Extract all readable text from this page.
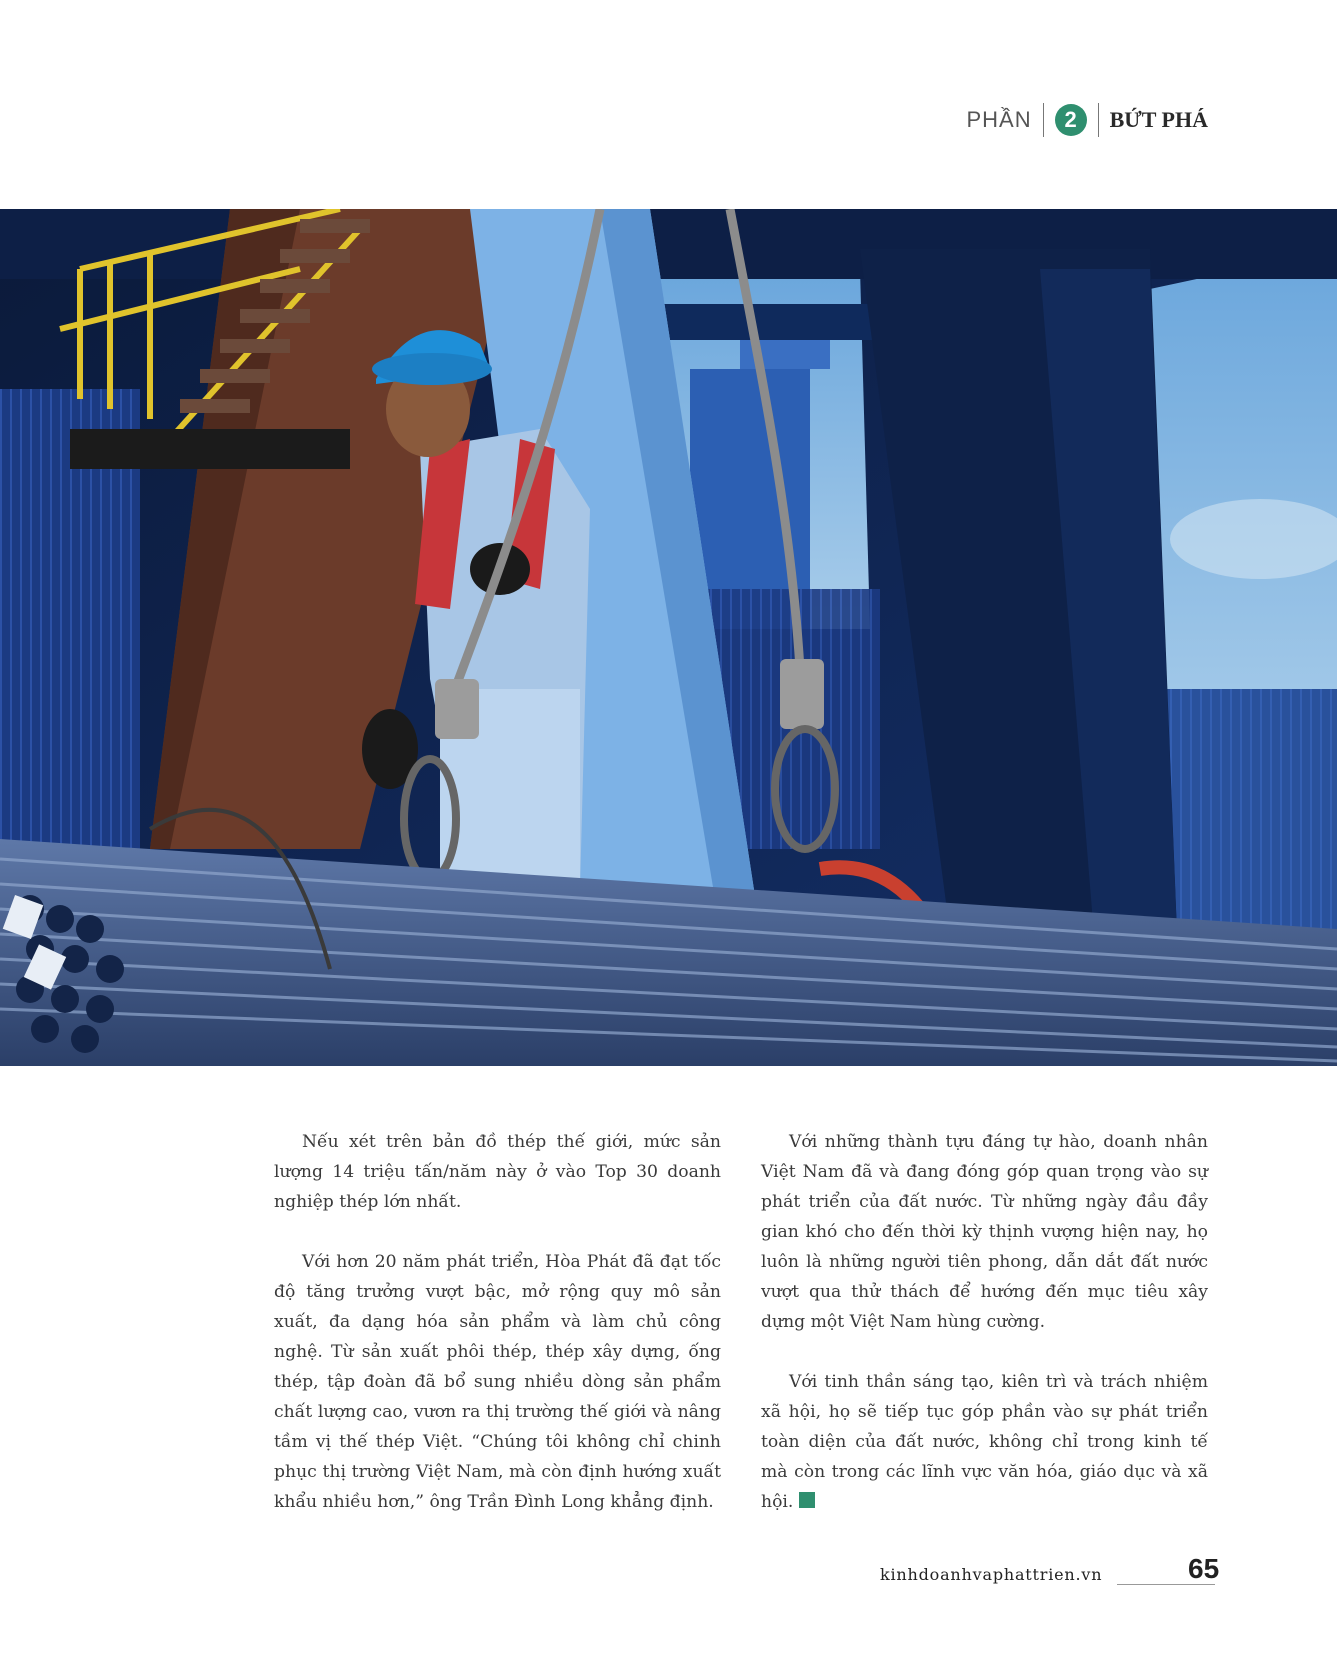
PHẦN	2	BỨT PHÁ

Nếu xét trên bản đồ thép thế giới, mức sản lượng 14 triệu tấn/năm này ở vào Top 30 doanh nghiệp thép lớn nhất.

Với hơn 20 năm phát triển, Hòa Phát đã đạt tốc độ tăng trưởng vượt bậc, mở rộng quy mô sản xuất, đa dạng hóa sản phẩm và làm chủ công nghệ. Từ sản xuất phôi thép, thép xây dựng, ống thép, tập đoàn đã bổ sung nhiều dòng sản phẩm chất lượng cao, vươn ra thị trường thế giới và nâng tầm vị thế thép Việt. “Chúng tôi không chỉ chinh phục thị trường Việt Nam, mà còn định hướng xuất khẩu nhiều hơn,” ông Trần Đình Long khẳng định.

Với những thành tựu đáng tự hào, doanh nhân Việt Nam đã và đang đóng góp quan trọng vào sự phát triển của đất nước. Từ những ngày đầu đầy gian khó cho đến thời kỳ thịnh vượng hiện nay, họ luôn là những người tiên phong, dẫn dắt đất nước vượt qua thử thách để hướng đến mục tiêu xây dựng một Việt Nam hùng cường.

Với tinh thần sáng tạo, kiên trì và trách nhiệm xã hội, họ sẽ tiếp tục góp phần vào sự phát triển toàn diện của đất nước, không chỉ trong kinh tế mà còn trong các lĩnh vực văn hóa, giáo dục và xã hội.

kinhdoanhvaphattrien.vn	65
